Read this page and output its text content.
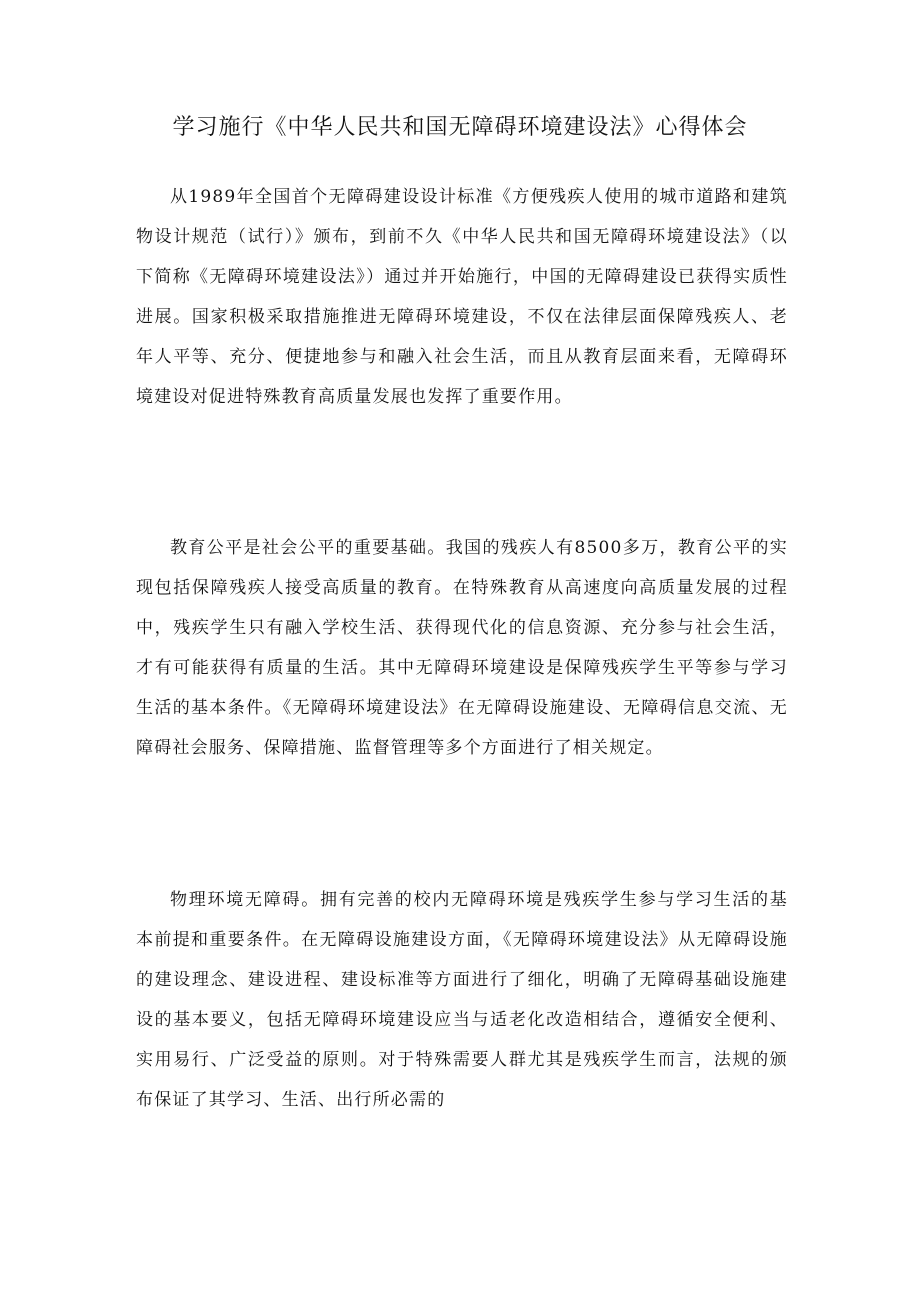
学习施行《中华人民共和国无障碍环境建设法》心得体会

从1989年全国首个无障碍建设设计标准《方便残疾人使用的城市道路和建筑物设计规范（试行）》颁布，到前不久《中华人民共和国无障碍环境建设法》（以下简称《无障碍环境建设法》）通过并开始施行，中国的无障碍建设已获得实质性进展。国家积极采取措施推进无障碍环境建设，不仅在法律层面保障残疾人、老年人平等、充分、便捷地参与和融入社会生活，而且从教育层面来看，无障碍环境建设对促进特殊教育高质量发展也发挥了重要作用。

教育公平是社会公平的重要基础。我国的残疾人有8500多万，教育公平的实现包括保障残疾人接受高质量的教育。在特殊教育从高速度向高质量发展的过程中，残疾学生只有融入学校生活、获得现代化的信息资源、充分参与社会生活，才有可能获得有质量的生活。其中无障碍环境建设是保障残疾学生平等参与学习生活的基本条件。《无障碍环境建设法》在无障碍设施建设、无障碍信息交流、无障碍社会服务、保障措施、监督管理等多个方面进行了相关规定。

物理环境无障碍。拥有完善的校内无障碍环境是残疾学生参与学习生活的基本前提和重要条件。在无障碍设施建设方面，《无障碍环境建设法》从无障碍设施的建设理念、建设进程、建设标准等方面进行了细化，明确了无障碍基础设施建设的基本要义，包括无障碍环境建设应当与适老化改造相结合，遵循安全便利、实用易行、广泛受益的原则。对于特殊需要人群尤其是残疾学生而言，法规的颁布保证了其学习、生活、出行所必需的
